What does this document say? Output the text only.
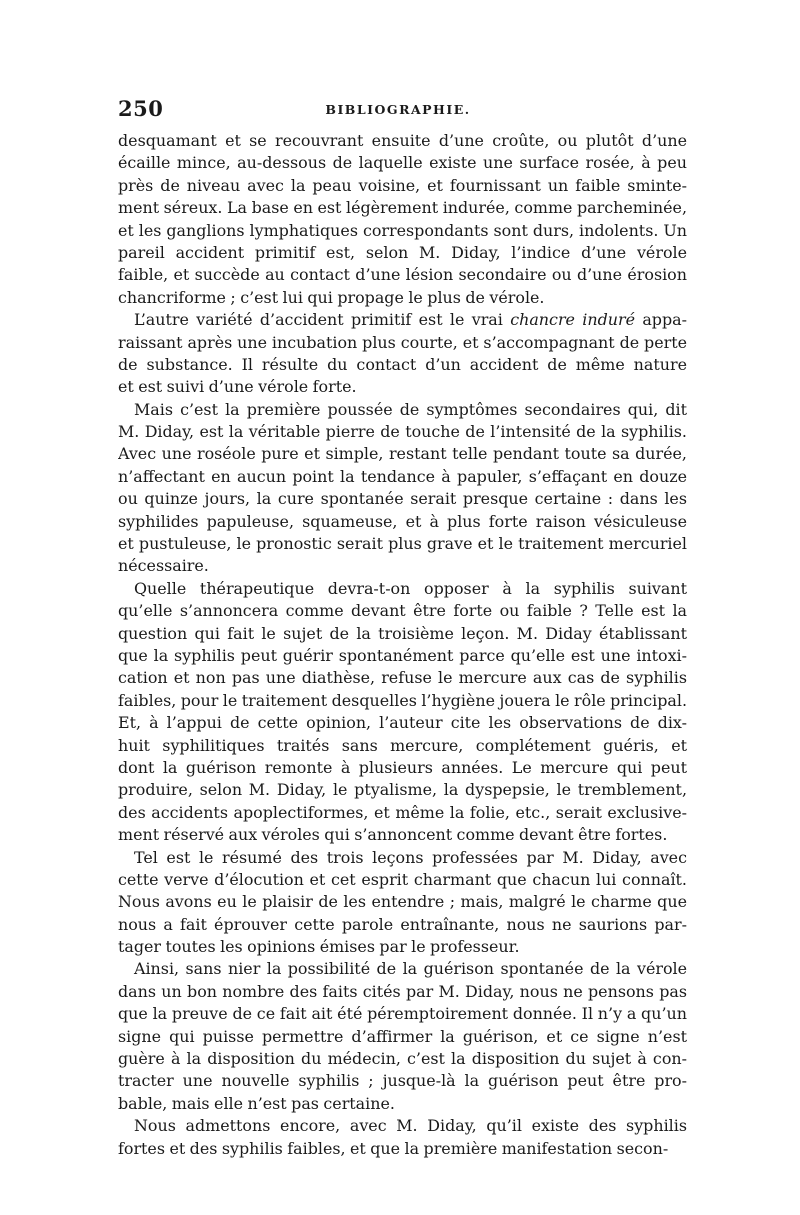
250	BIBLIOGRAPHIE.
desquamant et se recouvrant ensuite d’une croûte, ou plutôt d’une
écaille mince, au-dessous de laquelle existe une surface rosée, à peu
près de niveau avec la peau voisine, et fournissant un faible sminte-
ment séreux. La base en est légèrement indurée, comme parcheminée,
et les ganglions lymphatiques correspondants sont durs, indolents. Un
pareil accident primitif est, selon M. Diday, l’indice d’une vérole
faible, et succède au contact d’une lésion secondaire ou d’une érosion
chancriforme ; c’est lui qui propage le plus de vérole.
L’autre variété d’accident primitif est le vrai chancre induré appa-
raissant après une incubation plus courte, et s’accompagnant de perte
de substance. Il résulte du contact d’un accident de même nature
et est suivi d’une vérole forte.
Mais c’est la première poussée de symptômes secondaires qui, dit
M. Diday, est la véritable pierre de touche de l’intensité de la syphilis.
Avec une roséole pure et simple, restant telle pendant toute sa durée,
n’affectant en aucun point la tendance à papuler, s’effaçant en douze
ou quinze jours, la cure spontanée serait presque certaine : dans les
syphilides papuleuse, squameuse, et à plus forte raison vésiculeuse
et pustuleuse, le pronostic serait plus grave et le traitement mercuriel
nécessaire.
Quelle thérapeutique devra-t-on opposer à la syphilis suivant
qu’elle s’annoncera comme devant être forte ou faible ? Telle est la
question qui fait le sujet de la troisième leçon. M. Diday établissant
que la syphilis peut guérir spontanément parce qu’elle est une intoxi-
cation et non pas une diathèse, refuse le mercure aux cas de syphilis
faibles, pour le traitement desquelles l’hygiène jouera le rôle principal.
Et, à l’appui de cette opinion, l’auteur cite les observations de dix-
huit syphilitiques traités sans mercure, complétement guéris, et
dont la guérison remonte à plusieurs années. Le mercure qui peut
produire, selon M. Diday, le ptyalisme, la dyspepsie, le tremblement,
des accidents apoplectiformes, et même la folie, etc., serait exclusive-
ment réservé aux véroles qui s’annoncent comme devant être fortes.
Tel est le résumé des trois leçons professées par M. Diday, avec
cette verve d’élocution et cet esprit charmant que chacun lui connaît.
Nous avons eu le plaisir de les entendre ; mais, malgré le charme que
nous a fait éprouver cette parole entraînante, nous ne saurions par-
tager toutes les opinions émises par le professeur.
Ainsi, sans nier la possibilité de la guérison spontanée de la vérole
dans un bon nombre des faits cités par M. Diday, nous ne pensons pas
que la preuve de ce fait ait été péremptoirement donnée. Il n’y a qu’un
signe qui puisse permettre d’affirmer la guérison, et ce signe n’est
guère à la disposition du médecin, c’est la disposition du sujet à con-
tracter une nouvelle syphilis ; jusque-là la guérison peut être pro-
bable, mais elle n’est pas certaine.
Nous admettons encore, avec M. Diday, qu’il existe des syphilis
fortes et des syphilis faibles, et que la première manifestation secon-
